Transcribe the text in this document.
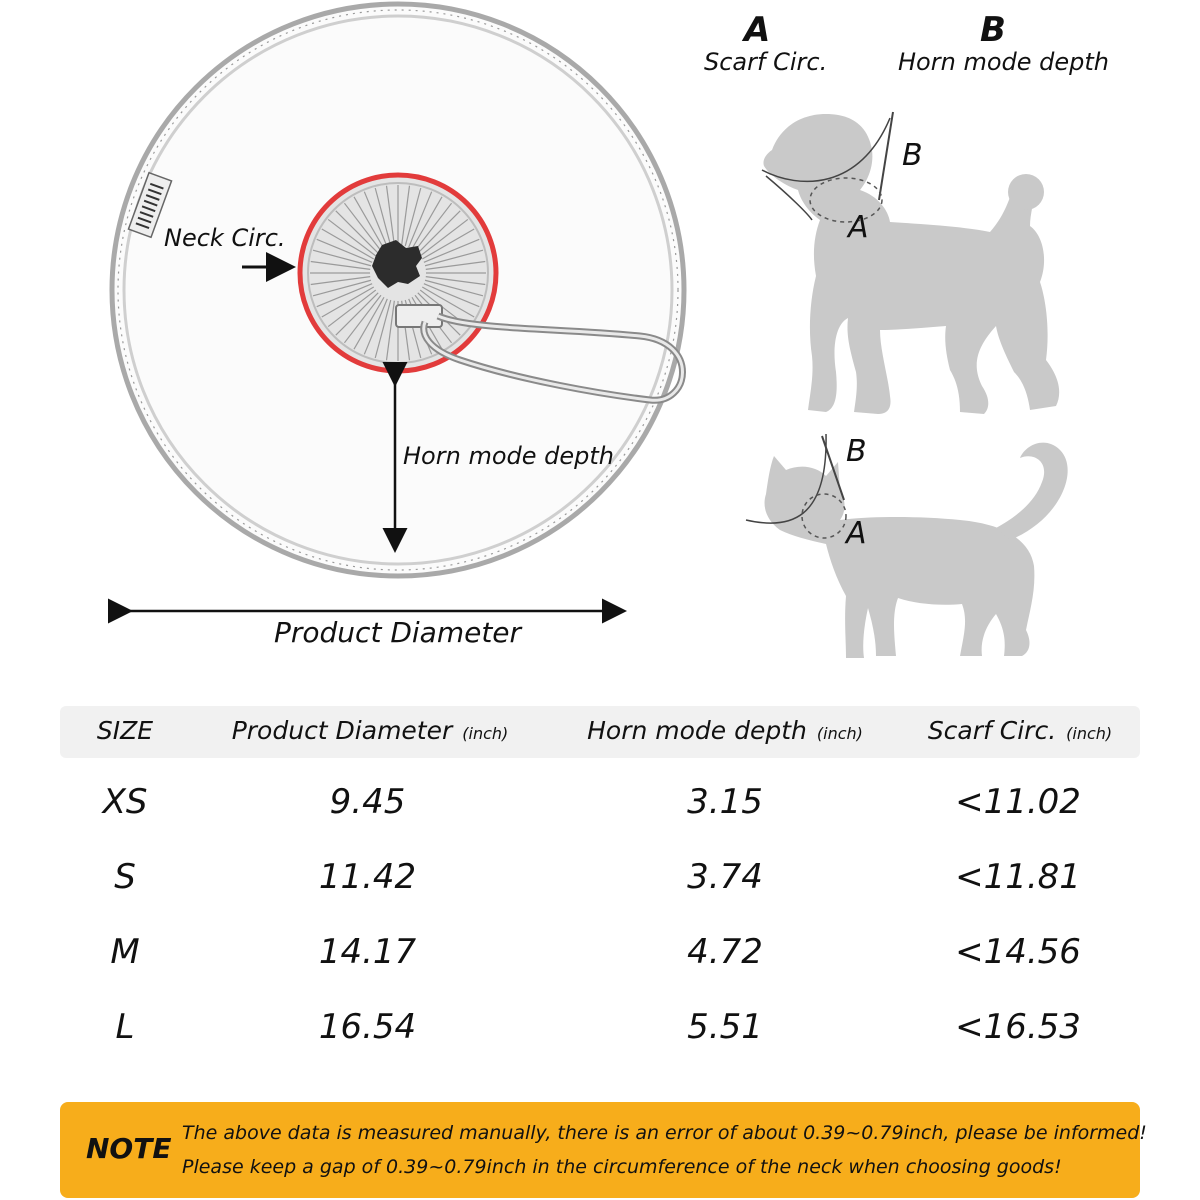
Neck Circ.
Horn mode depth
Product Diameter
A
Scarf Circ.
B
Horn mode depth
B
A
B
A
SIZE	Product Diameter (inch)	Horn mode depth (inch)	Scarf Circ. (inch)
XS	9.45	3.15	<11.02
S	11.42	3.74	<11.81
M	14.17	4.72	<14.56
L	16.54	5.51	<16.53
NOTE The above data is measured manually, there is an error of about 0.39~0.79inch, please be informed!
Please keep a gap of 0.39~0.79inch in the circumference of the neck when choosing goods!
